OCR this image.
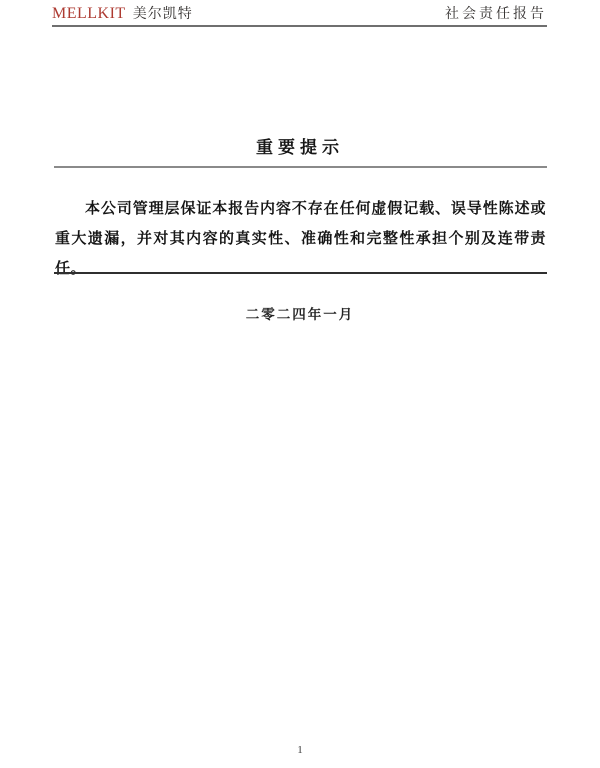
MELLKIT 美尔凯特	社会责任报告
重要提示
本公司管理层保证本报告内容不存在任何虚假记载、误导性陈述或重大遗漏，并对其内容的真实性、准确性和完整性承担个别及连带责任。
二零二四年一月
1
